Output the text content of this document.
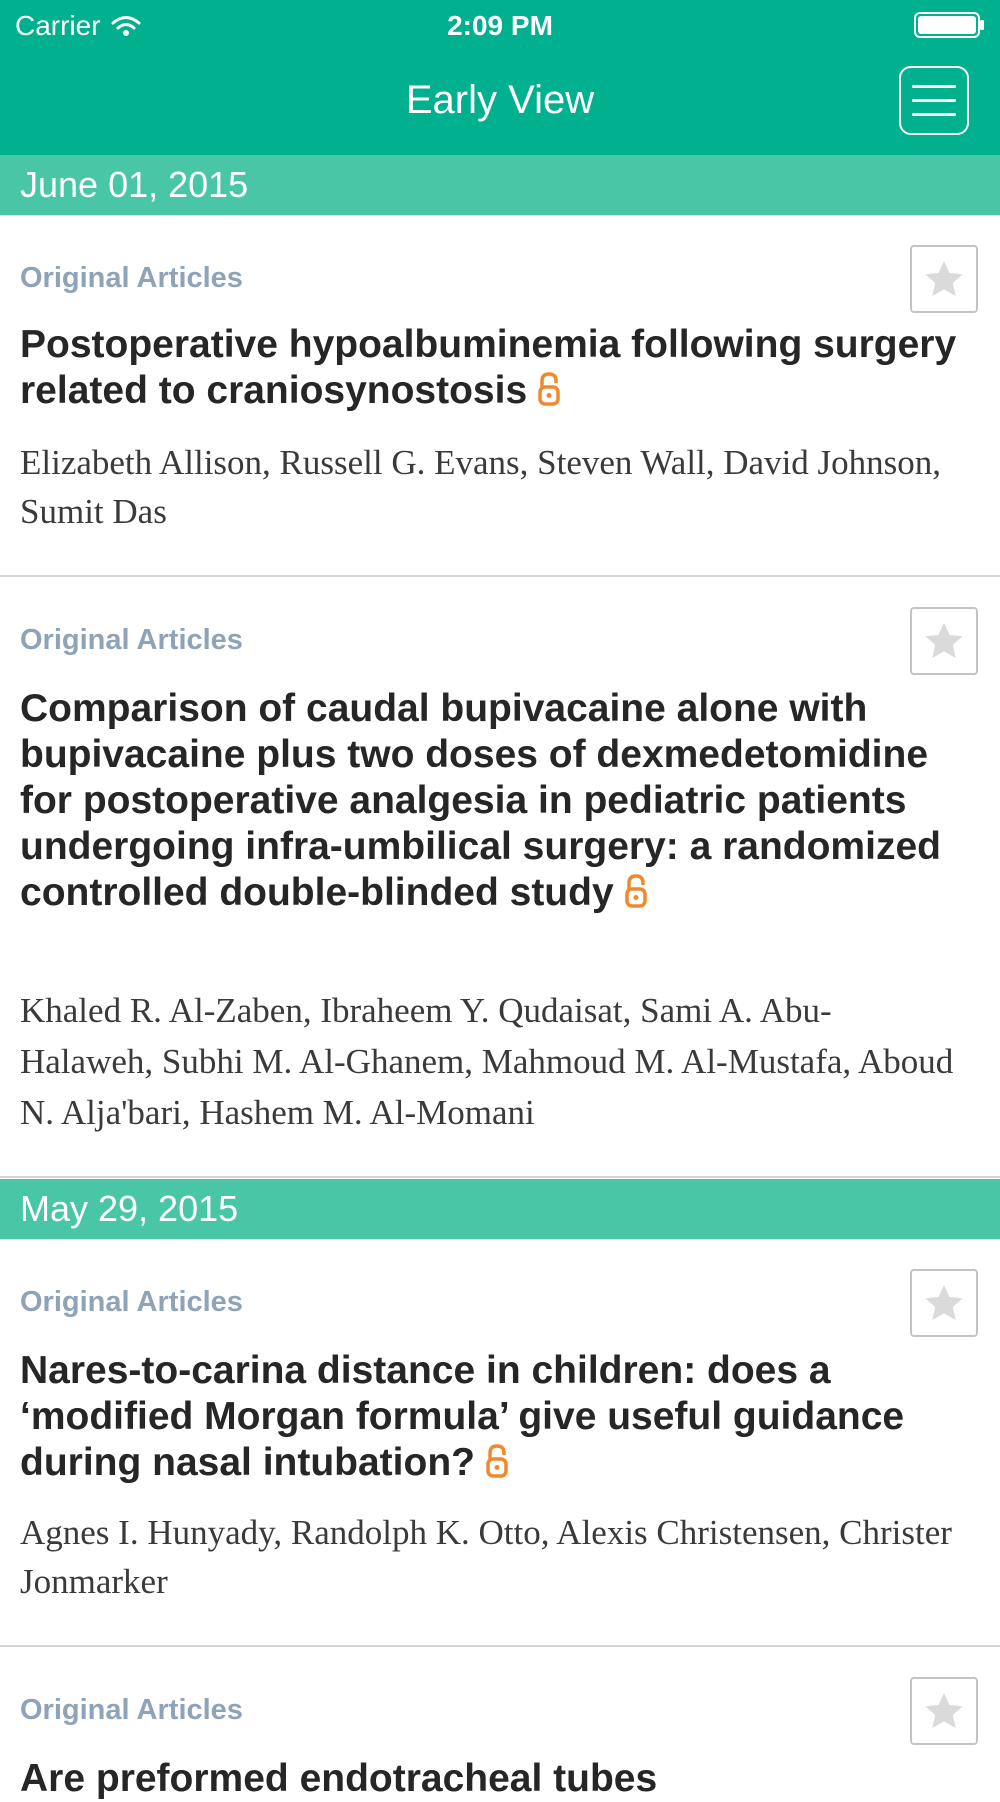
Carrier	2:09 PM
Early View
June 01, 2015
Original Articles

Postoperative hypoalbuminemia following surgery related to craniosynostosis

Elizabeth Allison, Russell G. Evans, Steven Wall, David Johnson, Sumit Das

Original Articles

Comparison of caudal bupivacaine alone with bupivacaine plus two doses of dexmedetomidine for postoperative analgesia in pediatric patients undergoing infra-umbilical surgery: a randomized controlled double-blinded study

Khaled R. Al-Zaben, Ibraheem Y. Qudaisat, Sami A. Abu-Halaweh, Subhi M. Al-Ghanem, Mahmoud M. Al-Mustafa, Aboud N. Alja'bari, Hashem M. Al-Momani

May 29, 2015
Original Articles

Nares-to-carina distance in children: does a ‘modified Morgan formula’ give useful guidance during nasal intubation?

Agnes I. Hunyady, Randolph K. Otto, Alexis Christensen, Christer Jonmarker

Original Articles

Are preformed endotracheal tubes
